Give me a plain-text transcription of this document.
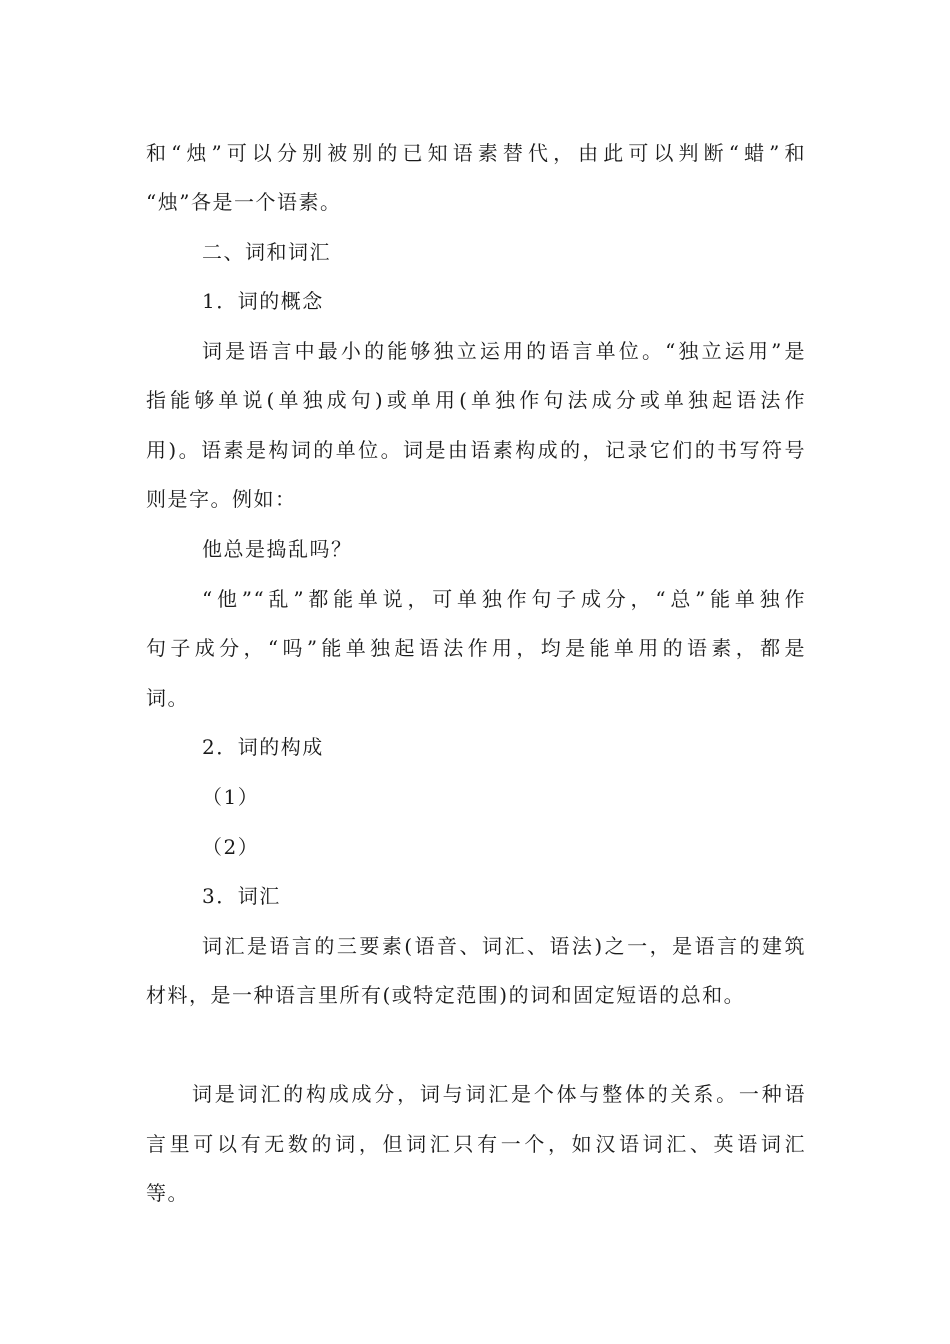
和“烛”可以分别被别的已知语素替代，由此可以判断“蜡”和
“烛”各是一个语素。
二、词和词汇
1．词的概念
词是语言中最小的能够独立运用的语言单位。“独立运用”是
指能够单说(单独成句)或单用(单独作句法成分或单独起语法作
用)。语素是构词的单位。词是由语素构成的，记录它们的书写符号
则是字。例如：
他总是捣乱吗？
“他”“乱”都能单说，可单独作句子成分，“总”能单独作
句子成分，“吗”能单独起语法作用，均是能单用的语素，都是
词。
2．词的构成
（1）
（2）
3．词汇
词汇是语言的三要素(语音、词汇、语法)之一，是语言的建筑
材料，是一种语言里所有(或特定范围)的词和固定短语的总和。
词是词汇的构成成分，词与词汇是个体与整体的关系。一种语
言里可以有无数的词，但词汇只有一个，如汉语词汇、英语词汇
等。
